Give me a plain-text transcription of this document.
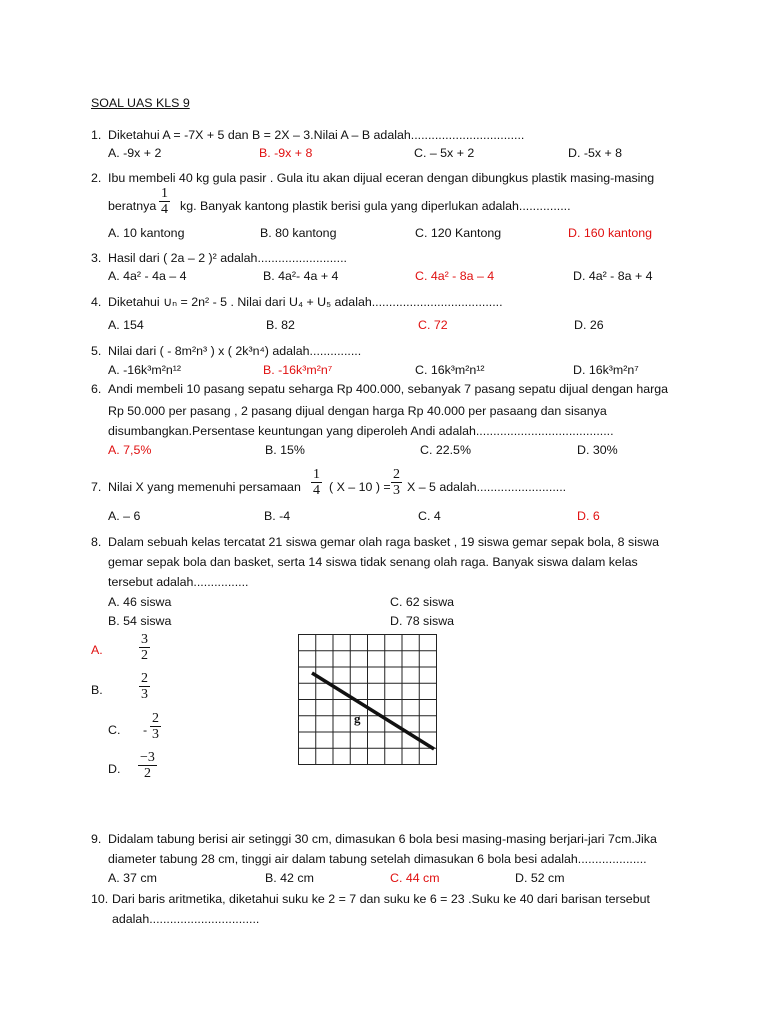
SOAL UAS KLS 9
1. Diketahui A = -7X + 5 dan B = 2X – 3.Nilai A – B adalah.................................
A. -9x + 2	B. -9x + 8	C. – 5x + 2	D. -5x + 8
2. Ibu membeli 40 kg gula pasir . Gula itu akan dijual eceran dengan dibungkus plastik masing-masing
beratnya $\frac{1}{4}$ kg. Banyak kantong plastik berisi gula yang diperlukan adalah...............
A. 10 kantong	B. 80 kantong	C. 120 Kantong	D. 160 kantong
3. Hasil dari ( 2a – 2 )² adalah..........................
A. 4a² - 4a – 4	B. 4a²- 4a + 4	C. 4a² - 8a – 4	D. 4a² - 8a + 4
4. Diketahui ∪ₙ = 2n² - 5 . Nilai dari U₄ + U₅ adalah......................................
A. 154	B. 82	C. 72	D. 26
5. Nilai dari ( - 8m²n³ ) x ( 2k³n⁴) adalah...............
A. -16k³m²n¹²	B. -16k³m²n⁷	C. 16k³m²n¹²	D. 16k³m²n⁷
6. Andi membeli 10 pasang sepatu seharga Rp 400.000, sebanyak 7 pasang sepatu dijual dengan harga
Rp 50.000 per pasang , 2 pasang dijual dengan harga Rp 40.000 per pasaang dan sisanya
disumbangkan.Persentase keuntungan yang diperoleh Andi adalah........................................
A. 7,5%	B. 15%	C. 22.5%	D. 30%
7. Nilai X yang memenuhi persamaan $\frac{1}{4}$ ( X – 10 ) = $\frac{2}{3}$ X – 5 adalah..........................
A. – 6	B. -4	C. 4	D. 6
8. Dalam sebuah kelas tercatat 21 siswa gemar olah raga basket , 19 siswa gemar sepak bola, 8 siswa
gemar sepak bola dan basket, serta 14 siswa tidak senang olah raga. Banyak siswa dalam kelas
tersebut adalah................
A. 46 siswa
B. 54 siswa
C. 62 siswa
D. 78 siswa
A.	$\frac{3}{2}$
B.	$\frac{2}{3}$
C. - $\frac{2}{3}$
D. $\frac{-3}{2}$
g
9. Didalam tabung berisi air setinggi 30 cm, dimasukan 6 bola besi masing-masing berjari-jari 7cm.Jika
diameter tabung 28 cm, tinggi air dalam tabung setelah dimasukan 6 bola besi adalah....................
A. 37 cm	B. 42 cm	C. 44 cm	D. 52 cm
10. Dari baris aritmetika, diketahui suku ke 2 = 7 dan suku ke 6 = 23 .Suku ke 40 dari barisan tersebut
adalah................................
